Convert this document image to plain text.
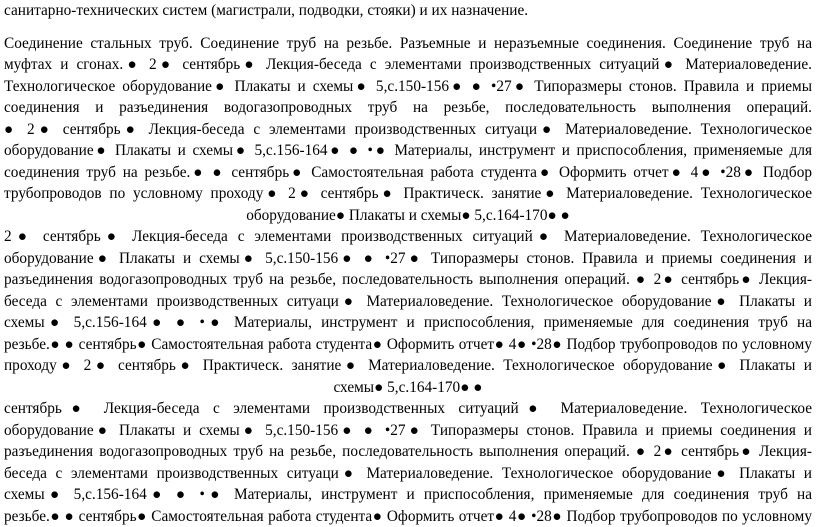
санитарно-технических систем (магистрали, подводки, стояки) и их назначение.
Соединение стальных труб. Соединение труб на резьбе. Разъемные и неразъемные соединения. Соединение труб на
муфтах и сгонах.● 2● сентябрь● Лекция-беседа с элементами производственных ситуаций● Материаловедение.
Технологическое оборудование● Плакаты и схемы● 5,с.150-156● ● •27● Типоразмеры стонов. Правила и приемы
соединения и разъединения водогазопроводных труб на резьбе, последовательность выполнения операций.
● 2● сентябрь● Лекция-беседа с элементами производственных ситуаци● Материаловедение. Технологическое
оборудование● Плакаты и схемы● 5,с.156-164● ● •● Материалы, инструмент и приспособления, применяемые для
соединения труб на резьбе.● ● сентябрь● Самостоятельная работа студента● Оформить отчет● 4● •28● Подбор
трубопроводов по условному проходу● 2● сентябрь● Практическ. занятие● Материаловедение. Технологическое
оборудование● Плакаты и схемы● 5,с.164-170● ●
2● сентябрь● Лекция-беседа с элементами производственных ситуаций● Материаловедение. Технологическое
оборудование● Плакаты и схемы● 5,с.150-156● ● •27● Типоразмеры стонов. Правила и приемы соединения и
разъединения водогазопроводных труб на резьбе, последовательность выполнения операций. ● 2● сентябрь● Лекция-
беседа с элементами производственных ситуаци● Материаловедение. Технологическое оборудование● Плакаты и
схемы● 5,с.156-164● ● •● Материалы, инструмент и приспособления, применяемые для соединения труб на
резьбе.● ● сентябрь● Самостоятельная работа студента● Оформить отчет● 4● •28● Подбор трубопроводов по условному
проходу● 2● сентябрь● Практическ. занятие● Материаловедение. Технологическое оборудование● Плакаты и
схемы● 5,с.164-170● ●
сентябрь● Лекция-беседа с элементами производственных ситуаций● Материаловедение. Технологическое
оборудование● Плакаты и схемы● 5,с.150-156● ● •27● Типоразмеры стонов. Правила и приемы соединения и
разъединения водогазопроводных труб на резьбе, последовательность выполнения операций. ● 2● сентябрь● Лекция-
беседа с элементами производственных ситуаци● Материаловедение. Технологическое оборудование● Плакаты и
схемы● 5,с.156-164● ● •● Материалы, инструмент и приспособления, применяемые для соединения труб на
резьбе.● ● сентябрь● Самостоятельная работа студента● Оформить отчет● 4● •28● Подбор трубопроводов по условному
